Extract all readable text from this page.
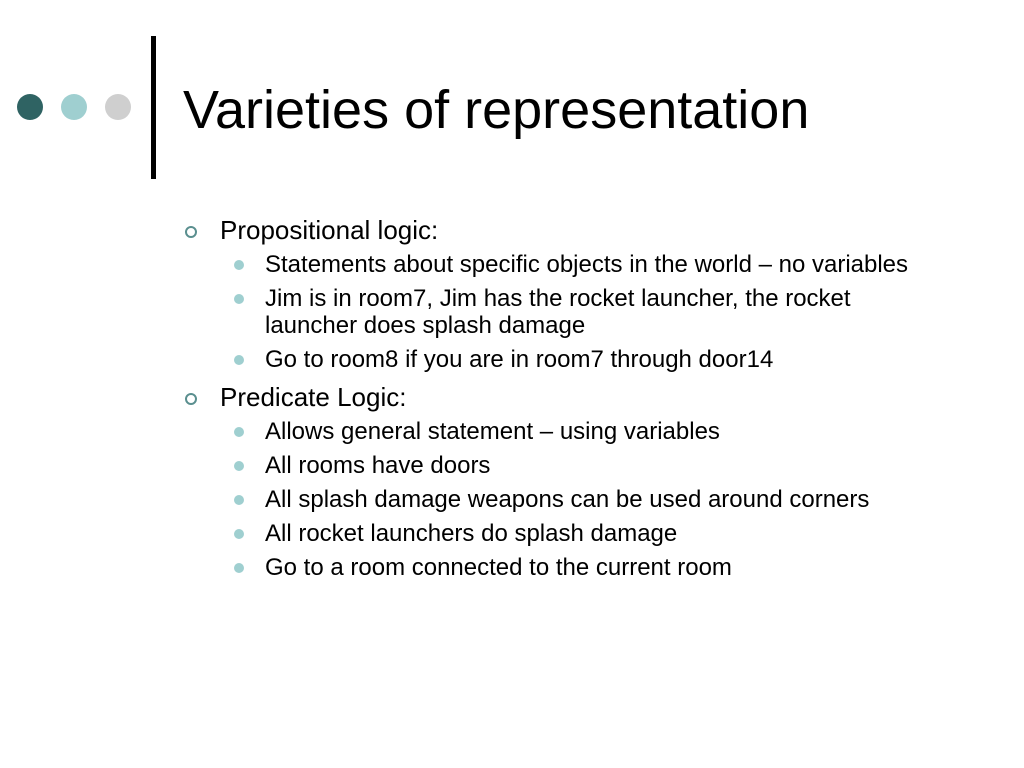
Varieties of representation
Propositional logic:
Statements about specific objects in the world – no variables
Jim is in room7, Jim has the rocket launcher, the rocket launcher does splash damage
Go to room8 if you are in room7 through door14
Predicate Logic:
Allows general statement – using variables
All rooms have doors
All splash damage weapons can be used around corners
All rocket launchers do splash damage
Go to a room connected to the current room
